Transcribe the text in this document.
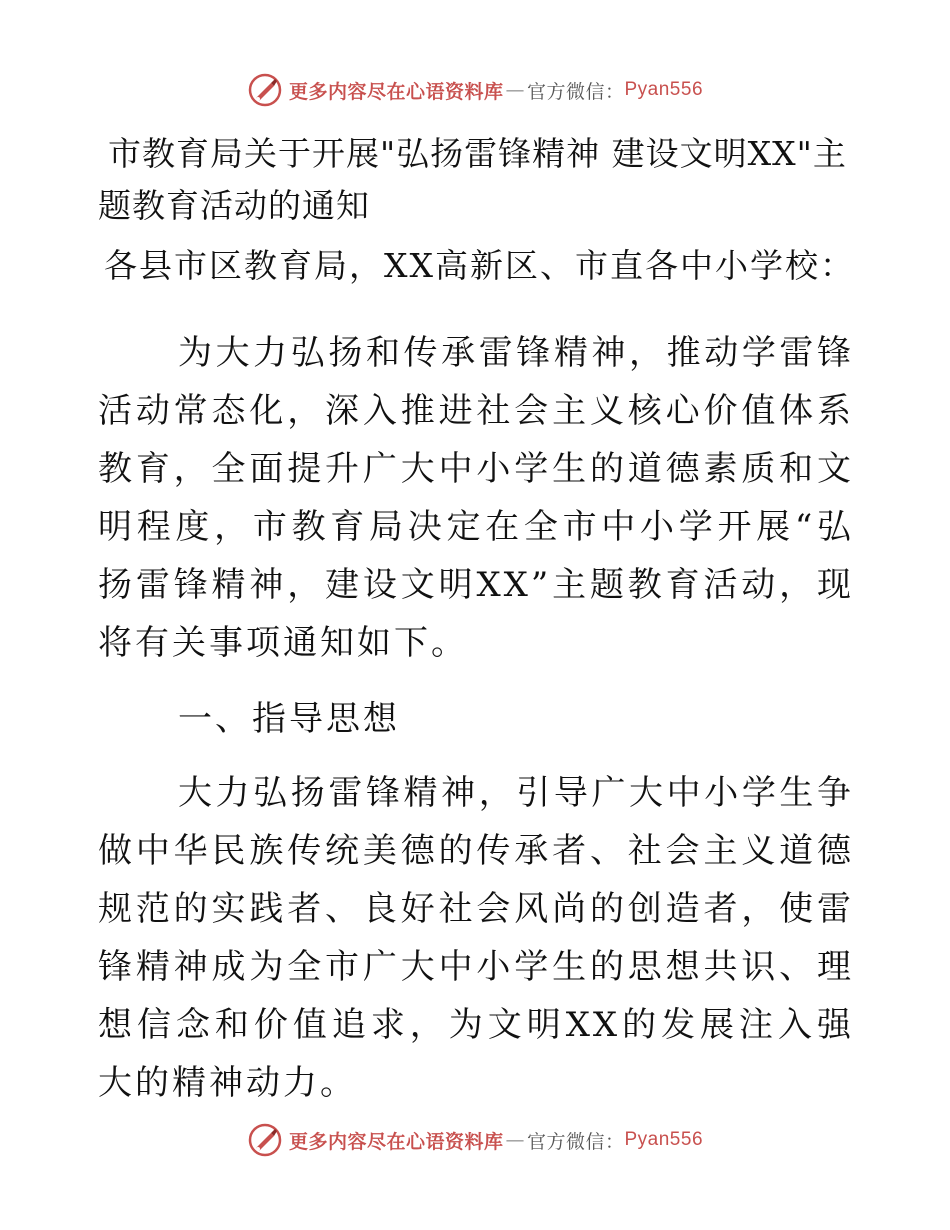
更多内容尽在心语资料库 — 官方微信： Pyan556
市教育局关于开展"弘扬雷锋精神 建设文明XX"主题教育活动的通知

各县市区教育局，XX高新区、市直各中小学校：

为大力弘扬和传承雷锋精神，推动学雷锋活动常态化，深入推进社会主义核心价值体系教育，全面提升广大中小学生的道德素质和文明程度，市教育局决定在全市中小学开展“弘扬雷锋精神，建设文明XX”主题教育活动，现将有关事项通知如下。

一、指导思想

大力弘扬雷锋精神，引导广大中小学生争做中华民族传统美德的传承者、社会主义道德规范的实践者、良好社会风尚的创造者，使雷锋精神成为全市广大中小学生的思想共识、理想信念和价值追求，为文明XX的发展注入强大的精神动力。

更多内容尽在心语资料库 — 官方微信： Pyan556
